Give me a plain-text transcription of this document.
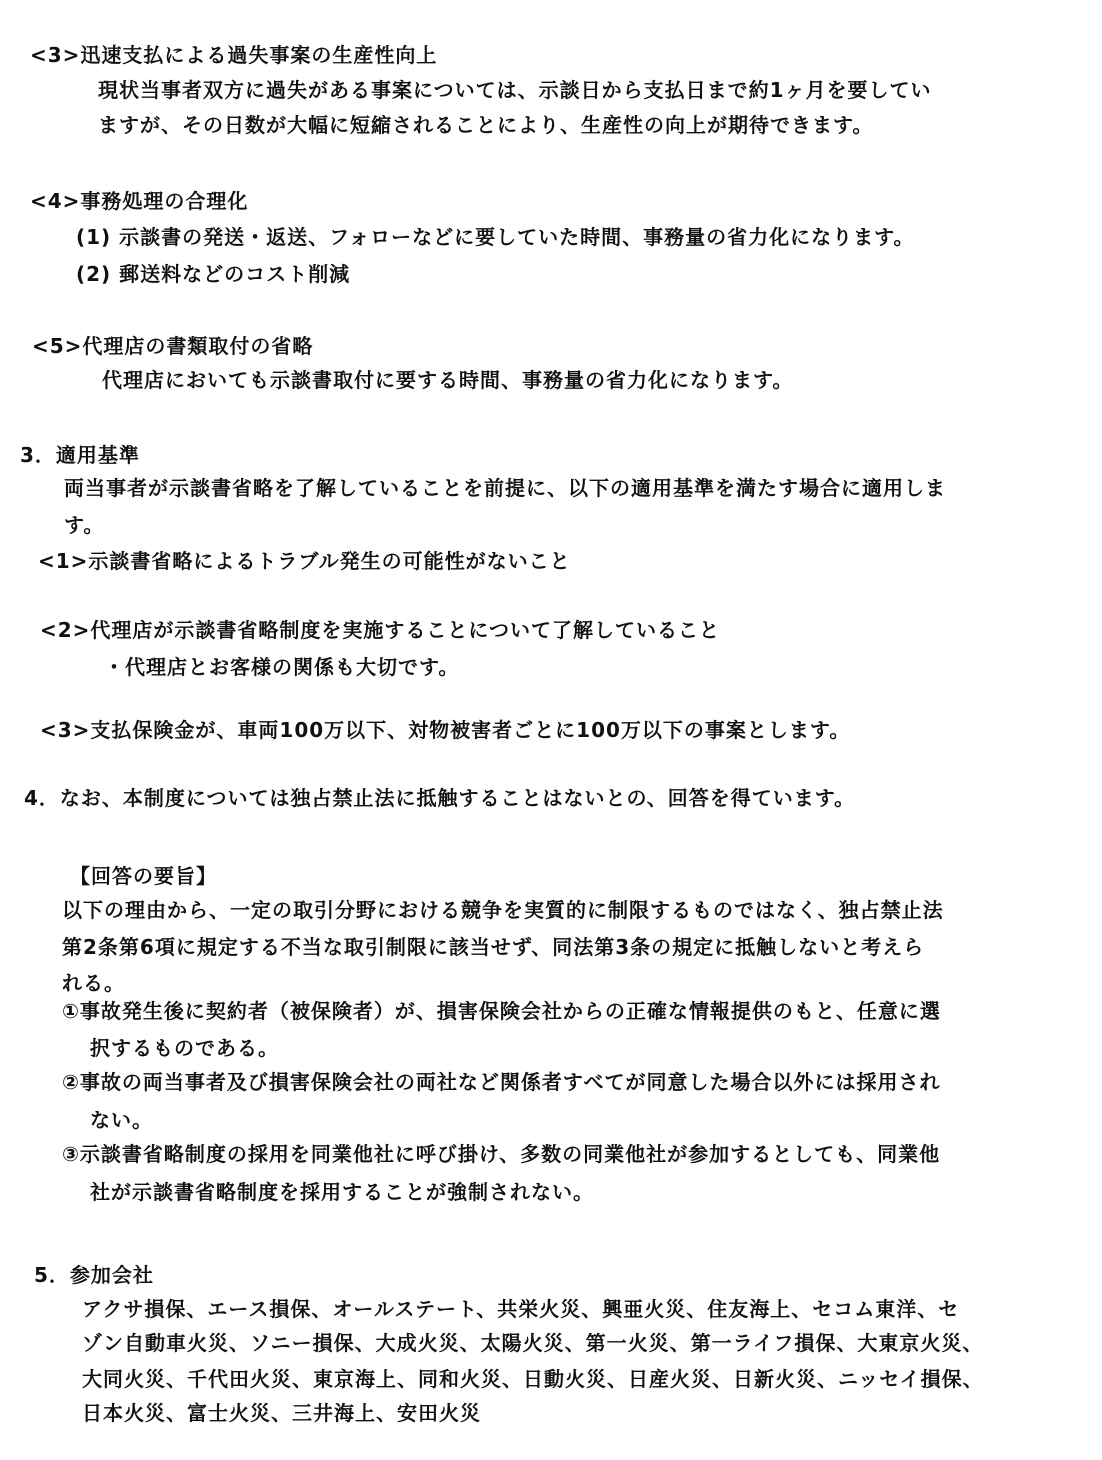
<3>迅速支払による過失事案の生産性向上
現状当事者双方に過失がある事案については、示談日から支払日まで約1ヶ月を要してい
ますが、その日数が大幅に短縮されることにより、生産性の向上が期待できます。
<4>事務処理の合理化
(1) 示談書の発送・返送、フォローなどに要していた時間、事務量の省力化になります。
(2) 郵送料などのコスト削減
<5>代理店の書類取付の省略
代理店においても示談書取付に要する時間、事務量の省力化になります。
3．適用基準
両当事者が示談書省略を了解していることを前提に、以下の適用基準を満たす場合に適用しま
す。
<1>示談書省略によるトラブル発生の可能性がないこと
<2>代理店が示談書省略制度を実施することについて了解していること
・代理店とお客様の関係も大切です。
<3>支払保険金が、車両100万以下、対物被害者ごとに100万以下の事案とします。
4．なお、本制度については独占禁止法に抵触することはないとの、回答を得ています。
【回答の要旨】
以下の理由から、一定の取引分野における競争を実質的に制限するものではなく、独占禁止法
第2条第6項に規定する不当な取引制限に該当せず、同法第3条の規定に抵触しないと考えら
れる。
①事故発生後に契約者（被保険者）が、損害保険会社からの正確な情報提供のもと、任意に選
択するものである。
②事故の両当事者及び損害保険会社の両社など関係者すべてが同意した場合以外には採用され
ない。
③示談書省略制度の採用を同業他社に呼び掛け、多数の同業他社が参加するとしても、同業他
社が示談書省略制度を採用することが強制されない。
5．参加会社
アクサ損保、エース損保、オールステート、共栄火災、興亜火災、住友海上、セコム東洋、セ
ゾン自動車火災、ソニー損保、大成火災、太陽火災、第一火災、第一ライフ損保、大東京火災、
大同火災、千代田火災、東京海上、同和火災、日動火災、日産火災、日新火災、ニッセイ損保、
日本火災、富士火災、三井海上、安田火災
